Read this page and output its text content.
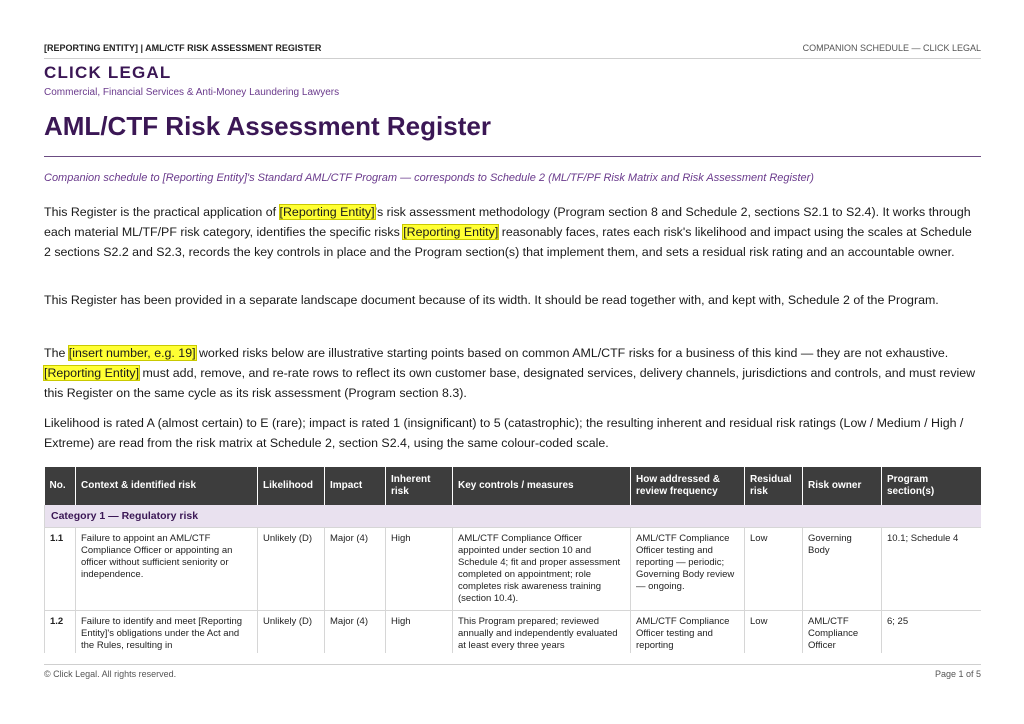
[REPORTING ENTITY] | AML/CTF RISK ASSESSMENT REGISTER	COMPANION SCHEDULE — CLICK LEGAL
CLICK LEGAL
Commercial, Financial Services & Anti-Money Laundering Lawyers
AML/CTF Risk Assessment Register
Companion schedule to [Reporting Entity]'s Standard AML/CTF Program — corresponds to Schedule 2 (ML/TF/PF Risk Matrix and Risk Assessment Register)
This Register is the practical application of [Reporting Entity]'s risk assessment methodology (Program section 8 and Schedule 2, sections S2.1 to S2.4). It works through each material ML/TF/PF risk category, identifies the specific risks [Reporting Entity] reasonably faces, rates each risk's likelihood and impact using the scales at Schedule 2 sections S2.2 and S2.3, records the key controls in place and the Program section(s) that implement them, and sets a residual risk rating and an accountable owner.
This Register has been provided in a separate landscape document because of its width. It should be read together with, and kept with, Schedule 2 of the Program.
The [insert number, e.g. 19] worked risks below are illustrative starting points based on common AML/CTF risks for a business of this kind — they are not exhaustive. [Reporting Entity] must add, remove, and re-rate rows to reflect its own customer base, designated services, delivery channels, jurisdictions and controls, and must review this Register on the same cycle as its risk assessment (Program section 8.3).
Likelihood is rated A (almost certain) to E (rare); impact is rated 1 (insignificant) to 5 (catastrophic); the resulting inherent and residual risk ratings (Low / Medium / High / Extreme) are read from the risk matrix at Schedule 2, section S2.4, using the same colour-coded scale.
No.	Context & identified risk	Likelihood	Impact	Inherent risk	Key controls / measures	How addressed & review frequency	Residual risk	Risk owner	Program section(s)
Category 1 — Regulatory risk									
1.1	Failure to appoint an AML/CTF Compliance Officer or appointing an officer without sufficient seniority or independence.	Unlikely (D)	Major (4)	High	AML/CTF Compliance Officer appointed under section 10 and Schedule 4; fit and proper assessment completed on appointment; role completes risk awareness training (section 10.4).	AML/CTF Compliance Officer testing and reporting — periodic; Governing Body review — ongoing.	Low	Governing Body	10.1; Schedule 4
1.2	Failure to identify and meet [Reporting Entity]'s obligations under the Act and the Rules, resulting in	Unlikely (D)	Major (4)	High	This Program prepared; reviewed annually and independently evaluated at least every three years	AML/CTF Compliance Officer testing and reporting	Low	AML/CTF Compliance Officer	6; 25
© Click Legal. All rights reserved.	Page 1 of 5
